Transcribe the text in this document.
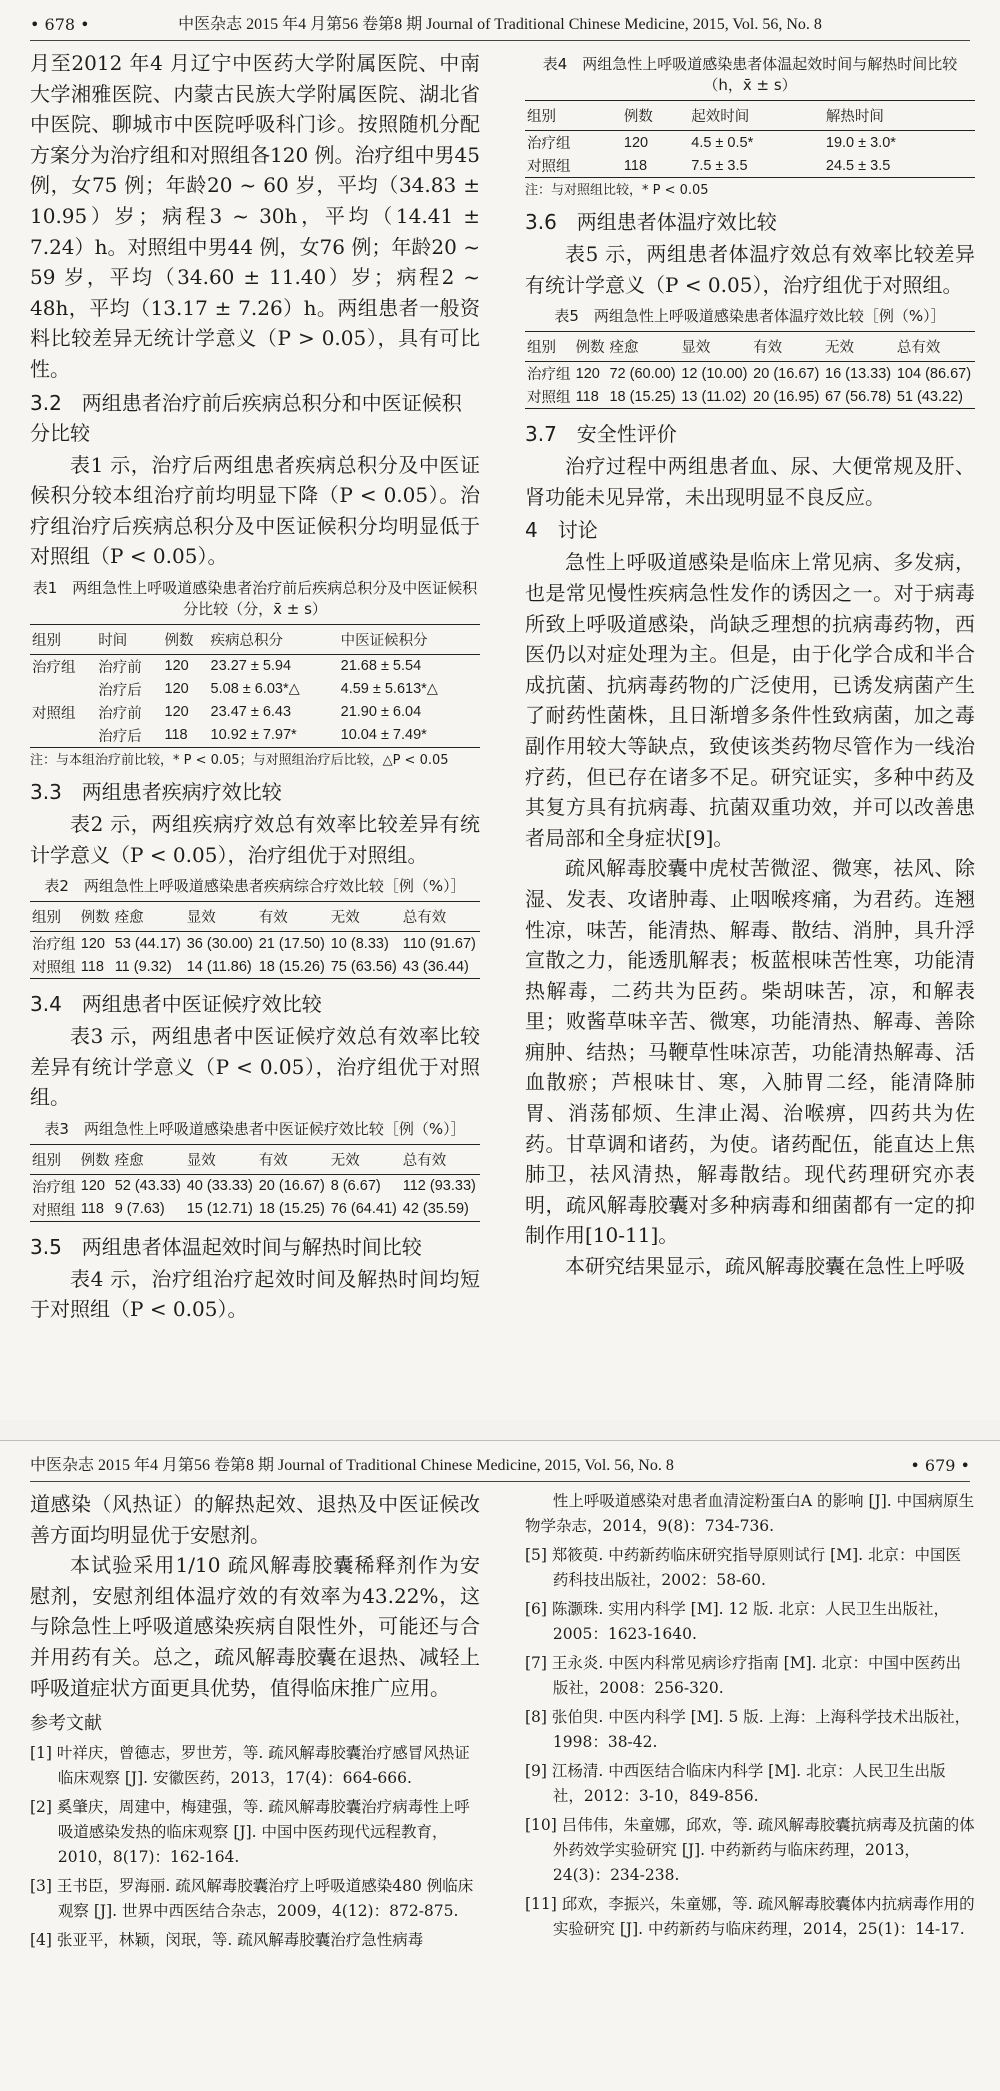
• 678 •	中医杂志 2015 年4 月第56 卷第8 期 Journal of Traditional Chinese Medicine, 2015, Vol. 56, No. 8

月至2012 年4 月辽宁中医药大学附属医院、中南大学湘雅医院、内蒙古民族大学附属医院、湖北省中医院、聊城市中医院呼吸科门诊。按照随机分配方案分为治疗组和对照组各120 例。治疗组中男45 例，女75 例；年龄20 ~ 60 岁，平均（34.83 ± 10.95）岁；病程3 ~ 30h，平均（14.41 ± 7.24）h。对照组中男44 例，女76 例；年龄20 ~ 59 岁，平均（34.60 ± 11.40）岁；病程2 ~ 48h，平均（13.17 ± 7.26）h。两组患者一般资料比较差异无统计学意义（P > 0.05），具有可比性。

3.2　两组患者治疗前后疾病总积分和中医证候积分比较

表1 示，治疗后两组患者疾病总积分及中医证候积分较本组治疗前均明显下降（P < 0.05）。治疗组治疗后疾病总积分及中医证候积分均明显低于对照组（P < 0.05）。

表1　两组急性上呼吸道感染患者治疗前后疾病总积分及中医证候积分比较（分，x̄ ± s）
组别	时间	例数	疾病总积分	中医证候积分
治疗组	治疗前	120	23.27 ± 5.94	21.68 ± 5.54
	治疗后	120	5.08 ± 6.03*△	4.59 ± 5.613*△
对照组	治疗前	120	23.47 ± 6.43	21.90 ± 6.04
	治疗后	118	10.92 ± 7.97*	10.04 ± 7.49*
注：与本组治疗前比较，* P < 0.05；与对照组治疗后比较，△P < 0.05
3.3　两组患者疾病疗效比较

表2 示，两组疾病疗效总有效率比较差异有统计学意义（P < 0.05），治疗组优于对照组。

表2　两组急性上呼吸道感染患者疾病综合疗效比较［例（%）］
组别	例数	痊愈	显效	有效	无效	总有效
治疗组	120	53 (44.17)	36 (30.00)	21 (17.50)	10 (8.33)	110 (91.67)
对照组	118	11 (9.32)	14 (11.86)	18 (15.26)	75 (63.56)	43 (36.44)
3.4　两组患者中医证候疗效比较

表3 示，两组患者中医证候疗效总有效率比较差异有统计学意义（P < 0.05），治疗组优于对照组。

表3　两组急性上呼吸道感染患者中医证候疗效比较［例（%）］
组别	例数	痊愈	显效	有效	无效	总有效
治疗组	120	52 (43.33)	40 (33.33)	20 (16.67)	8 (6.67)	112 (93.33)
对照组	118	9 (7.63)	15 (12.71)	18 (15.25)	76 (64.41)	42 (35.59)
3.5　两组患者体温起效时间与解热时间比较

表4 示，治疗组治疗起效时间及解热时间均短于对照组（P < 0.05）。

表4　两组急性上呼吸道感染患者体温起效时间与解热时间比较（h，x̄ ± s）
组别	例数	起效时间	解热时间
治疗组	120	4.5 ± 0.5*	19.0 ± 3.0*
对照组	118	7.5 ± 3.5	24.5 ± 3.5
注：与对照组比较，* P < 0.05
3.6　两组患者体温疗效比较

表5 示，两组患者体温疗效总有效率比较差异有统计学意义（P < 0.05），治疗组优于对照组。

表5　两组急性上呼吸道感染患者体温疗效比较［例（%）］
组别	例数	痊愈	显效	有效	无效	总有效
治疗组	120	72 (60.00)	12 (10.00)	20 (16.67)	16 (13.33)	104 (86.67)
对照组	118	18 (15.25)	13 (11.02)	20 (16.95)	67 (56.78)	51 (43.22)
3.7　安全性评价

治疗过程中两组患者血、尿、大便常规及肝、肾功能未见异常，未出现明显不良反应。

4　讨论

急性上呼吸道感染是临床上常见病、多发病，也是常见慢性疾病急性发作的诱因之一。对于病毒所致上呼吸道感染，尚缺乏理想的抗病毒药物，西医仍以对症处理为主。但是，由于化学合成和半合成抗菌、抗病毒药物的广泛使用，已诱发病菌产生了耐药性菌株，且日渐增多条件性致病菌，加之毒副作用较大等缺点，致使该类药物尽管作为一线治疗药，但已存在诸多不足。研究证实，多种中药及其复方具有抗病毒、抗菌双重功效，并可以改善患者局部和全身症状[9]。

疏风解毒胶囊中虎杖苦微涩、微寒，祛风、除湿、发表、攻诸肿毒、止咽喉疼痛，为君药。连翘性凉，味苦，能清热、解毒、散结、消肿，具升浮宣散之力，能透肌解表；板蓝根味苦性寒，功能清热解毒，二药共为臣药。柴胡味苦，凉，和解表里；败酱草味辛苦、微寒，功能清热、解毒、善除痈肿、结热；马鞭草性味凉苦，功能清热解毒、活血散瘀；芦根味甘、寒，入肺胃二经，能清降肺胃、消荡郁烦、生津止渴、治喉痹，四药共为佐药。甘草调和诸药，为使。诸药配伍，能直达上焦肺卫，祛风清热，解毒散结。现代药理研究亦表明，疏风解毒胶囊对多种病毒和细菌都有一定的抑制作用[10-11]。

本研究结果显示，疏风解毒胶囊在急性上呼吸

中医杂志 2015 年4 月第56 卷第8 期 Journal of Traditional Chinese Medicine, 2015, Vol. 56, No. 8	• 679 •

道感染（风热证）的解热起效、退热及中医证候改善方面均明显优于安慰剂。

本试验采用1/10 疏风解毒胶囊稀释剂作为安慰剂，安慰剂组体温疗效的有效率为43.22%，这与除急性上呼吸道感染疾病自限性外，可能还与合并用药有关。总之，疏风解毒胶囊在退热、减轻上呼吸道症状方面更具优势，值得临床推广应用。

参考文献

[1] 叶祥庆，曾德志，罗世芳，等. 疏风解毒胶囊治疗感冒风热证临床观察 [J]. 安徽医药，2013，17(4)：664-666.

[2] 奚肇庆，周建中，梅建强，等. 疏风解毒胶囊治疗病毒性上呼吸道感染发热的临床观察 [J]. 中国中医药现代远程教育，2010，8(17)：162-164.

[3] 王书臣，罗海丽. 疏风解毒胶囊治疗上呼吸道感染480 例临床观察 [J]. 世界中西医结合杂志，2009，4(12)：872-875.

[4] 张亚平，林颖，闵珉，等. 疏风解毒胶囊治疗急性病毒

性上呼吸道感染对患者血清淀粉蛋白A 的影响 [J]. 中国病原生物学杂志，2014，9(8)：734-736.

[5] 郑筱萸. 中药新药临床研究指导原则试行 [M]. 北京：中国医药科技出版社，2002：58-60.

[6] 陈灏珠. 实用内科学 [M]. 12 版. 北京：人民卫生出版社，2005：1623-1640.

[7] 王永炎. 中医内科常见病诊疗指南 [M]. 北京：中国中医药出版社，2008：256-320.

[8] 张伯臾. 中医内科学 [M]. 5 版. 上海：上海科学技术出版社，1998：38-42.

[9] 江杨清. 中西医结合临床内科学 [M]. 北京：人民卫生出版社，2012：3-10，849-856.

[10] 吕伟伟，朱童娜，邱欢，等. 疏风解毒胶囊抗病毒及抗菌的体外药效学实验研究 [J]. 中药新药与临床药理，2013，24(3)：234-238.

[11] 邱欢，李振兴，朱童娜，等. 疏风解毒胶囊体内抗病毒作用的实验研究 [J]. 中药新药与临床药理，2014，25(1)：14-17.
